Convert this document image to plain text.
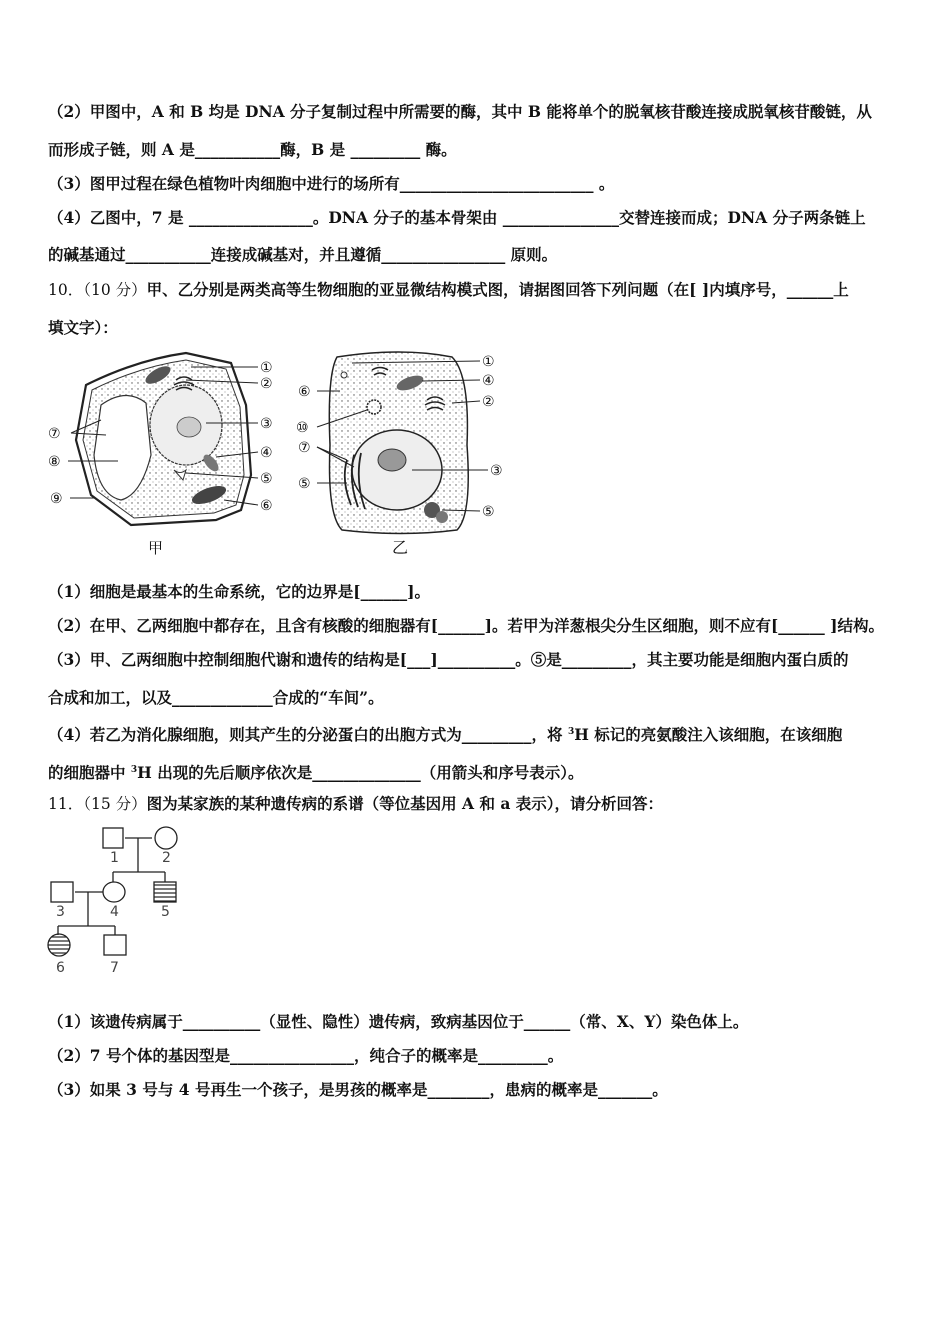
（2）甲图中，A 和 B 均是 DNA 分子复制过程中所需要的酶，其中 B 能将单个的脱氧核苷酸连接成脱氧核苷酸链，从
而形成子链，则 A 是___________酶，B 是 _________ 酶。
（3）图甲过程在绿色植物叶肉细胞中进行的场所有_________________________ 。
（4）乙图中，7 是 ________________。DNA 分子的基本骨架由 _______________交替连接而成；DNA 分子两条链上
的碱基通过___________连接成碱基对，并且遵循________________ 原则。
10．（10 分）甲、乙分别是两类高等生物细胞的亚显微结构模式图，请据图回答下列问题（在[ ]内填序号，______上
填文字）：
①
②
③
④
⑤
⑥
⑦
⑧
⑨
甲
①
④
②
⑥
⑩
⑦
⑤
③
⑤
乙
（1）细胞是最基本的生命系统，它的边界是[______]。
（2）在甲、乙两细胞中都存在，且含有核酸的细胞器有[______]。若甲为洋葱根尖分生区细胞，则不应有[______ ]结构。
（3）甲、乙两细胞中控制细胞代谢和遗传的结构是[___]__________。⑤是_________，其主要功能是细胞内蛋白质的
合成和加工，以及_____________合成的“车间”。
（4）若乙为消化腺细胞，则其产生的分泌蛋白的出胞方式为_________，将 $^3$H 标记的亮氨酸注入该细胞，在该细胞
的细胞器中 $^3$H 出现的先后顺序依次是______________（用箭头和序号表示）。
11．（15 分）图为某家族的某种遗传病的系谱（等位基因用 A 和 a 表示），请分析回答：
1	2
3	4	5
6	7
（1）该遗传病属于__________（显性、隐性）遗传病，致病基因位于______（常、X、Y）染色体上。
（2）7 号个体的基因型是________________，纯合子的概率是_________。
（3）如果 3 号与 4 号再生一个孩子，是男孩的概率是________，患病的概率是_______。
